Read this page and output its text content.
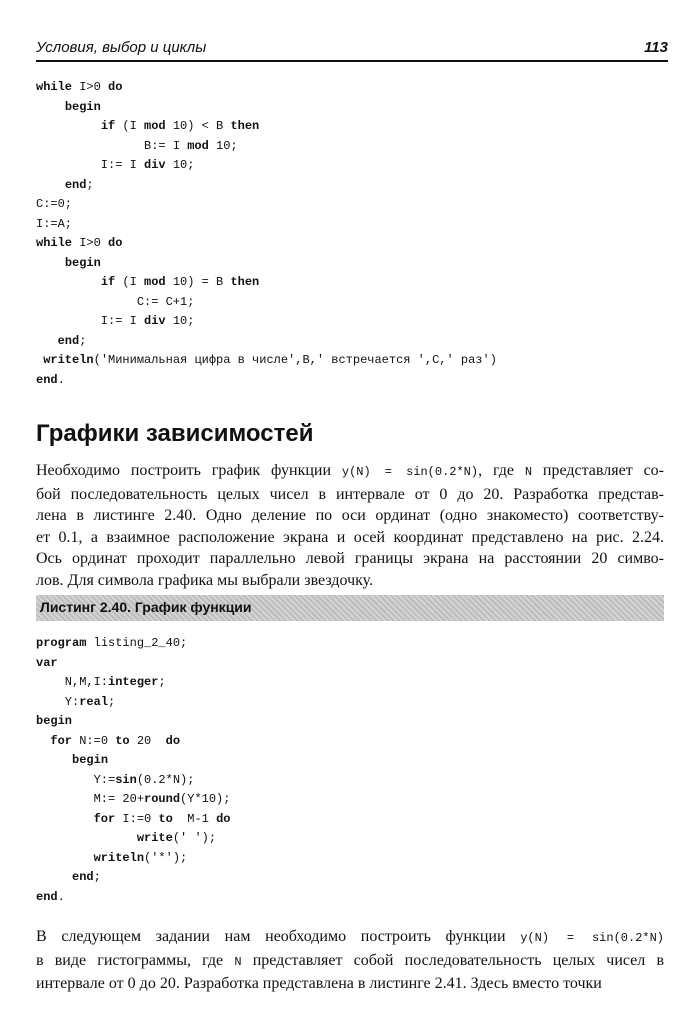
Условия, выбор и циклы	113
while I>0 do
begin
if (I mod 10) < B then
B:= I mod 10;
I:= I div 10;
end;
C:=0;
I:=A;
while I>0 do
begin
if (I mod 10) = B then
C:= C+1;
I:= I div 10;
end;
writeln('Минимальная цифра в числе',B,' встречается ',C,' раз')
end.
Графики зависимостей
Необходимо построить график функции y(N) = sin(0.2*N), где N представляет со-
бой последовательность целых чисел в интервале от 0 до 20. Разработка представ-
лена в листинге 2.40. Одно деление по оси ординат (одно знакоместо) соответству-
ет 0.1, а взаимное расположение экрана и осей координат представлено на рис. 2.24.
Ось ординат проходит параллельно левой границы экрана на расстоянии 20 симво-
лов. Для символа графика мы выбрали звездочку.
Листинг 2.40. График функции
program listing_2_40;
var
N,M,I:integer;
Y:real;
begin
for N:=0 to 20  do
begin
Y:=sin(0.2*N);
M:= 20+round(Y*10);
for I:=0 to  M-1 do
write(' ');
writeln('*');
end;
end.
В следующем задании нам необходимо построить функции y(N) = sin(0.2*N)
в виде гистограммы, где N представляет собой последовательность целых чисел в
интервале от 0 до 20. Разработка представлена в листинге 2.41. Здесь вместо точки
